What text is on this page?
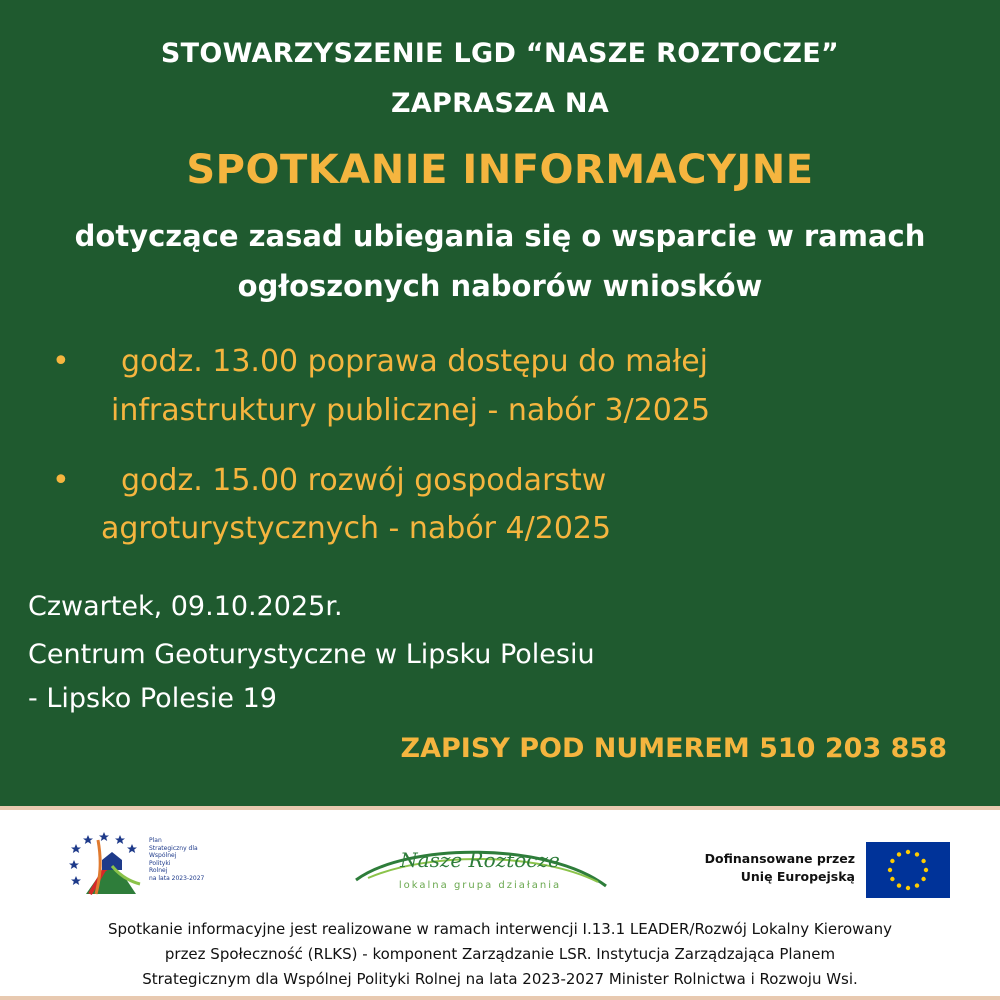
STOWARZYSZENIE LGD “NASZE ROZTOCZE”
ZAPRASZA NA
SPOTKANIE INFORMACYJNE
dotyczące zasad ubiegania się o wsparcie w ramach
ogłoszonych naborów wniosków
• godz. 13.00 poprawa dostępu do małej
infrastruktury publicznej - nabór 3/2025
• godz. 15.00 rozwój gospodarstw
agroturystycznych - nabór 4/2025
Czwartek, 09.10.2025r.
Centrum Geoturystyczne w Lipsku Polesiu
- Lipsko Polesie 19
ZAPISY POD NUMEREM 510 203 858
Plan
Strategiczny dla
Wspólnej
Polityki
Rolnej
na lata 2023-2027
Nasze Roztocze
lokalna grupa działania
Dofinansowane przez
Unię Europejską
Spotkanie informacyjne jest realizowane w ramach interwencji I.13.1 LEADER/Rozwój Lokalny Kierowany
przez Społeczność (RLKS) - komponent Zarządzanie LSR. Instytucja Zarządzająca Planem
Strategicznym dla Wspólnej Polityki Rolnej na lata 2023-2027 Minister Rolnictwa i Rozwoju Wsi.
